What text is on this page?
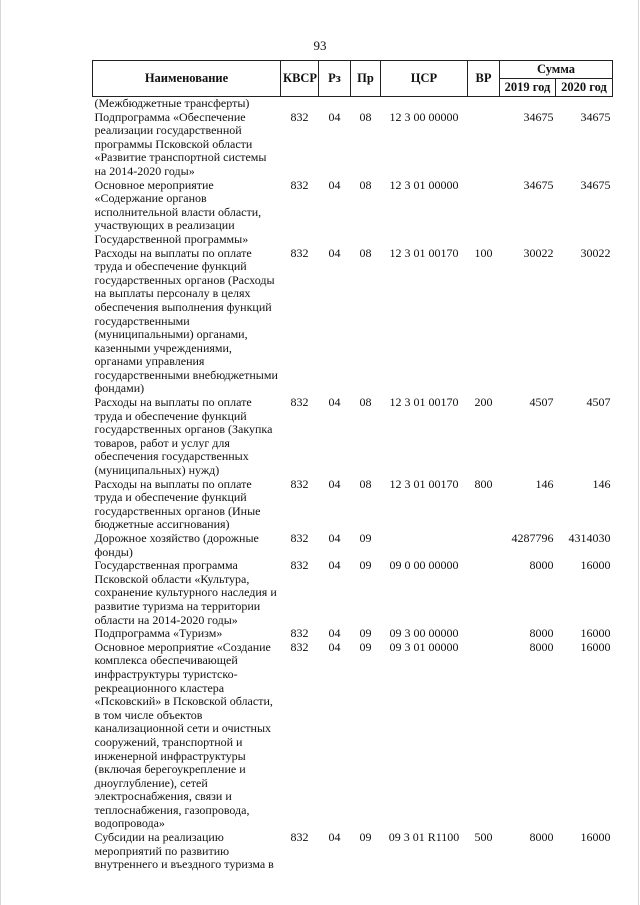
93
Наименование	КВСР	Рз	Пр	ЦСР	ВР	Сумма	
						2019 год	2020 год
(Межбюджетные трансферты)							
Подпрограмма «Обеспечение реализации государственной программы Псковской области «Развитие транспортной системы на 2014-2020 годы»	832	04	08	12 3 00 00000		34675	34675
Основное мероприятие «Содержание органов исполнительной власти области, участвующих в реализации Государственной программы»	832	04	08	12 3 01 00000		34675	34675
Расходы на выплаты по оплате труда и обеспечение функций государственных органов (Расходы на выплаты персоналу в целях обеспечения выполнения функций государственными (муниципальными) органами, казенными учреждениями, органами управления государственными внебюджетными фондами)	832	04	08	12 3 01 00170	100	30022	30022
Расходы на выплаты по оплате труда и обеспечение функций государственных органов (Закупка товаров, работ и услуг для обеспечения государственных (муниципальных) нужд)	832	04	08	12 3 01 00170	200	4507	4507
Расходы на выплаты по оплате труда и обеспечение функций государственных органов (Иные бюджетные ассигнования)	832	04	08	12 3 01 00170	800	146	146
Дорожное хозяйство (дорожные фонды)	832	04	09			4287796	4314030
Государственная программа Псковской области «Культура, сохранение культурного наследия и развитие туризма на территории области на 2014-2020 годы»	832	04	09	09 0 00 00000		8000	16000
Подпрограмма «Туризм»	832	04	09	09 3 00 00000		8000	16000
Основное мероприятие «Создание комплекса обеспечивающей инфраструктуры туристско-рекреационного кластера «Псковский» в Псковской области, в том числе объектов канализационной сети и очистных сооружений, транспортной и инженерной инфраструктуры (включая берегоукрепление и дноуглубление), сетей электроснабжения, связи и теплоснабжения, газопровода, водопровода»	832	04	09	09 3 01 00000		8000	16000
Субсидии на реализацию мероприятий по развитию внутреннего и въездного туризма в	832	04	09	09 3 01 R1100	500	8000	16000
